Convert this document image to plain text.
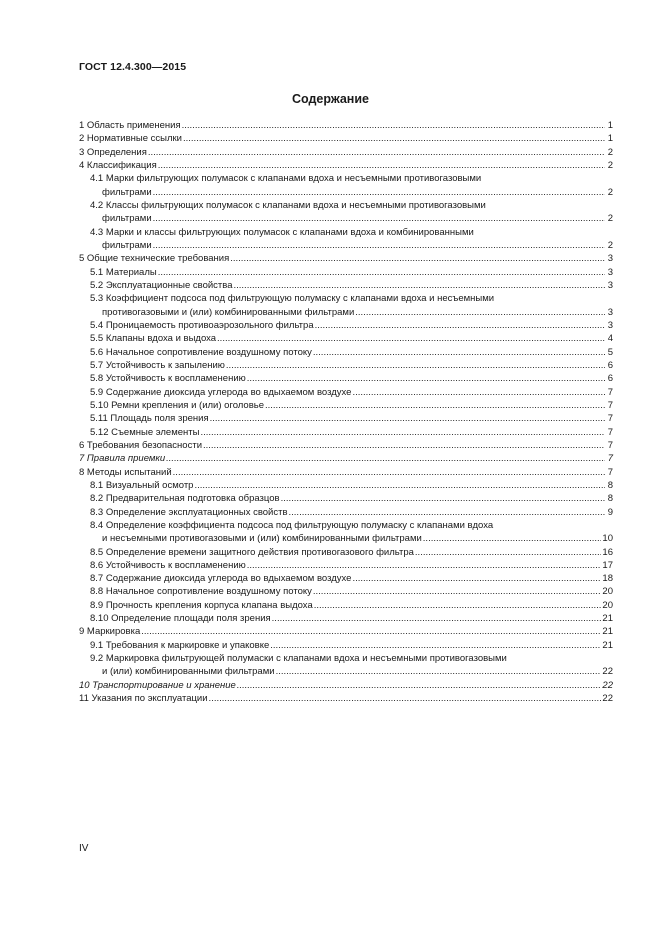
ГОСТ 12.4.300—2015
Содержание
1 Область применения .....	1
2 Нормативные ссылки .....	1
3 Определения .....	2
4 Классификация .....	2
4.1 Марки фильтрующих полумасок с клапанами вдоха и несъемными противогазовыми
фильтрами .....	2
4.2 Классы фильтрующих полумасок с клапанами вдоха и несъемными противогазовыми
фильтрами .....	2
4.3 Марки и классы фильтрующих полумасок с клапанами вдоха и комбинированными
фильтрами .....	2
5 Общие технические требования .....	3
5.1 Материалы .....	3
5.2 Эксплуатационные свойства .....	3
5.3 Коэффициент подсоса под фильтрующую полумаску с клапанами вдоха и несъемными
противогазовыми и (или) комбинированными фильтрами .....	3
5.4 Проницаемость противоаэрозольного фильтра .....	3
5.5 Клапаны вдоха и выдоха .....	4
5.6 Начальное сопротивление воздушному потоку .....	5
5.7 Устойчивость к запылению .....	6
5.8 Устойчивость к воспламенению .....	6
5.9 Содержание диоксида углерода во вдыхаемом воздухе .....	7
5.10 Ремни крепления и (или) оголовье .....	7
5.11 Площадь поля зрения .....	7
5.12 Съемные элементы .....	7
6 Требования безопасности .....	7
7 Правила приемки .....	7
8 Методы испытаний .....	7
8.1 Визуальный осмотр .....	8
8.2 Предварительная подготовка образцов .....	8
8.3 Определение эксплуатационных свойств .....	9
8.4 Определение коэффициента подсоса под фильтрующую полумаску с клапанами вдоха
и несъемными противогазовыми и (или) комбинированными фильтрами .....	10
8.5 Определение времени защитного действия противогазового фильтра .....	16
8.6 Устойчивость к воспламенению .....	17
8.7 Содержание диоксида углерода во вдыхаемом воздухе .....	18
8.8 Начальное сопротивление воздушному потоку .....	20
8.9 Прочность крепления корпуса клапана выдоха .....	20
8.10 Определение площади поля зрения .....	21
9 Маркировка .....	21
9.1 Требования к маркировке и упаковке .....	21
9.2 Маркировка фильтрующей полумаски с клапанами вдоха и несъемными противогазовыми
и (или) комбинированными фильтрами .....	22
10 Транспортирование и хранение .....	22
11 Указания по эксплуатации .....	22
IV
